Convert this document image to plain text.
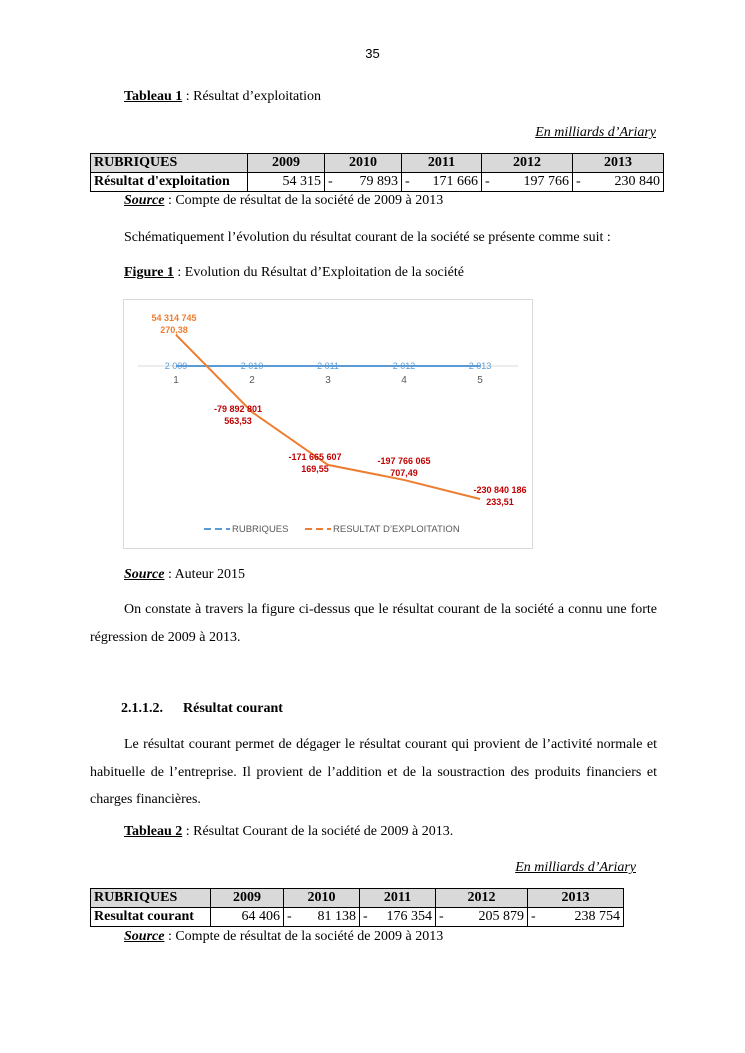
35
Tableau 1 : Résultat d’exploitation
En milliards d’Ariary
RUBRIQUES	2009	2010	2011	2012	2013
Résultat d'exploitation	54 315	- 79 893	- 171 666	- 197 766	- 230 840
Source : Compte de résultat de la société de 2009 à 2013
Schématiquement l’évolution du résultat courant de la société se présente comme suit :
Figure 1 : Evolution du Résultat d’Exploitation de la société
1	2	3	4	5
2 009	2 010	2 011	2 012	2 013
54 314 745 270,38
-79 892 801 563,53
-171 665 607 169,55
-197 766 065 707,49
-230 840 186 233,51
RUBRIQUES	RESULTAT D’EXPLOITATION
Source : Auteur 2015
On constate à travers la figure ci-dessus que le résultat courant de la société a connu une forte régression de 2009 à 2013.
2.1.1.2. Résultat courant
Le résultat courant permet de dégager le résultat courant qui provient de l’activité normale et habituelle de l’entreprise. Il provient de l’addition et de la soustraction des produits financiers et charges financières.
Tableau 2 : Résultat Courant de la société de 2009 à 2013.
En milliards d’Ariary
RUBRIQUES	2009	2010	2011	2012	2013
Resultat courant	64 406	- 81 138	- 176 354	- 205 879	- 238 754
Source : Compte de résultat de la société de 2009 à 2013
